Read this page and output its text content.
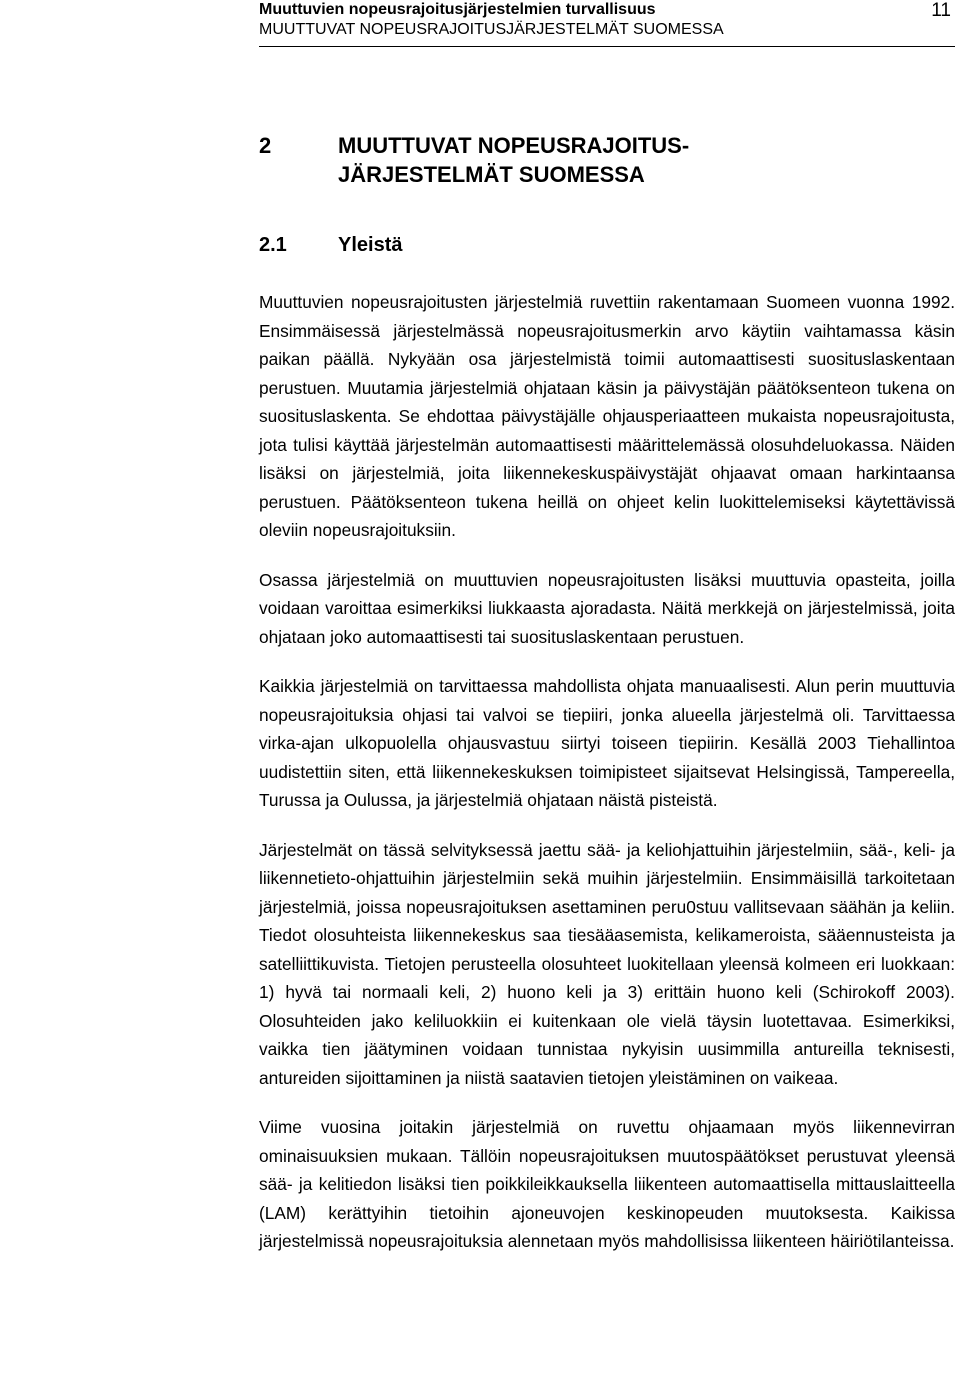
Muuttuvien nopeusrajoitusjärjestelmien turvallisuus
MUUTTUVAT NOPEUSRAJOITUSJÄRJESTELMÄT SUOMESSA
11
2	MUUTTUVAT NOPEUSRAJOITUS-
JÄRJESTELMÄT SUOMESSA
2.1	Yleistä

Muuttuvien nopeusrajoitusten järjestelmiä ruvettiin rakentamaan Suomeen vuonna 1992. Ensimmäisessä järjestelmässä nopeusrajoitusmerkin arvo käytiin vaihtamassa käsin paikan päällä. Nykyään osa järjestelmistä toimii automaattisesti suosituslaskentaan perustuen. Muutamia järjestelmiä ohjataan käsin ja päivystäjän päätöksenteon tukena on suosituslaskenta. Se ehdottaa päivystäjälle ohjausperiaatteen mukaista nopeusrajoitusta, jota tulisi käyttää järjestelmän automaattisesti määrittelemässä olosuhdeluokassa. Näiden lisäksi on järjestelmiä, joita liikennekeskuspäivystäjät ohjaavat omaan harkintaansa perustuen. Päätöksenteon tukena heillä on ohjeet kelin luokittelemiseksi käytettävissä oleviin nopeusrajoituksiin.

Osassa järjestelmiä on muuttuvien nopeusrajoitusten lisäksi muuttuvia opasteita, joilla voidaan varoittaa esimerkiksi liukkaasta ajoradasta. Näitä merkkejä on järjestelmissä, joita ohjataan joko automaattisesti tai suosituslaskentaan perustuen.

Kaikkia järjestelmiä on tarvittaessa mahdollista ohjata manuaalisesti. Alun perin muuttuvia nopeusrajoituksia ohjasi tai valvoi se tiepiiri, jonka alueella järjestelmä oli. Tarvittaessa virka-ajan ulkopuolella ohjausvastuu siirtyi toiseen tiepiirin. Kesällä 2003 Tiehallintoa uudistettiin siten, että liikennekeskuksen toimipisteet sijaitsevat Helsingissä, Tampereella, Turussa ja Oulussa, ja järjestelmiä ohjataan näistä pisteistä.

Järjestelmät on tässä selvityksessä jaettu sää- ja keliohjattuihin järjestelmiin, sää-, keli- ja liikennetieto-ohjattuihin järjestelmiin sekä muihin järjestelmiin. Ensimmäisillä tarkoitetaan järjestelmiä, joissa nopeusrajoituksen asettaminen peru0stuu vallitsevaan säähän ja keliin. Tiedot olosuhteista liikennekeskus saa tiesääasemista, kelikameroista, sääennusteista ja satelliittikuvista. Tietojen perusteella olosuhteet luokitellaan yleensä kolmeen eri luokkaan: 1) hyvä tai normaali keli, 2) huono keli ja 3) erittäin huono keli (Schirokoff 2003). Olosuhteiden jako keliluokkiin ei kuitenkaan ole vielä täysin luotettavaa. Esimerkiksi, vaikka tien jäätyminen voidaan tunnistaa nykyisin uusimmilla antureilla teknisesti, antureiden sijoittaminen ja niistä saatavien tietojen yleistäminen on vaikeaa.

Viime vuosina joitakin järjestelmiä on ruvettu ohjaamaan myös liikennevirran ominaisuuksien mukaan. Tällöin nopeusrajoituksen muutospäätökset perustuvat yleensä sää- ja kelitiedon lisäksi tien poikkileikkauksella liikenteen automaattisella mittauslaitteella (LAM) kerättyihin tietoihin ajoneuvojen keskinopeuden muutoksesta. Kaikissa järjestelmissä nopeusrajoituksia alennetaan myös mahdollisissa liikenteen häiriötilanteissa.
